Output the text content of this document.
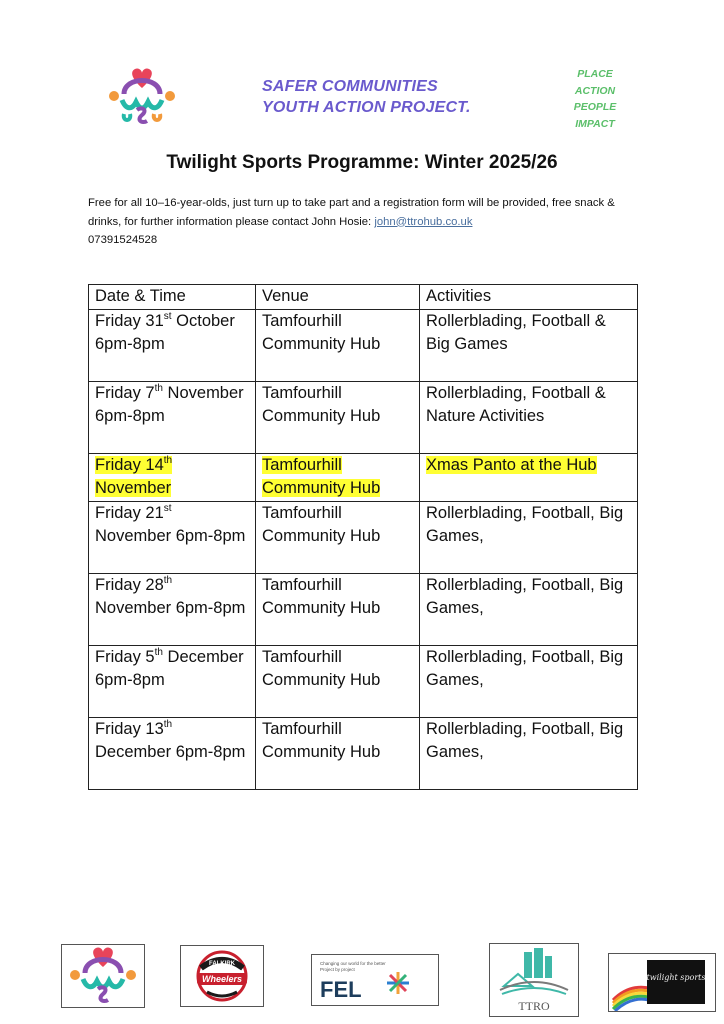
SAFER COMMUNITIES
YOUTH ACTION PROJECT.
PLACE
ACTION
PEOPLE
IMPACT
Twilight Sports Programme: Winter 2025/26
Free for all 10–16-year-olds, just turn up to take part and a registration form will be provided, free snack & drinks, for further information please contact John Hosie: john@ttrohub.co.uk
07391524528
Date & Time	Venue	Activities
Friday 31st October 6pm-8pm	Tamfourhill Community Hub	Rollerblading, Football & Big Games
Friday 7th November 6pm-8pm	Tamfourhill Community Hub	Rollerblading, Football & Nature Activities
Friday 14th November	Tamfourhill Community Hub	Xmas Panto at the Hub
Friday 21st November 6pm-8pm	Tamfourhill Community Hub	Rollerblading, Football, Big Games,
Friday 28th November 6pm-8pm	Tamfourhill Community Hub	Rollerblading, Football, Big Games,
Friday 5th December 6pm-8pm	Tamfourhill Community Hub	Rollerblading, Football, Big Games,
Friday 13th December 6pm-8pm	Tamfourhill Community Hub	Rollerblading, Football, Big Games,
FALKIRK
Wheelers
Changing our world for the better
Project by project
FEL
TTRO
twilight sports
